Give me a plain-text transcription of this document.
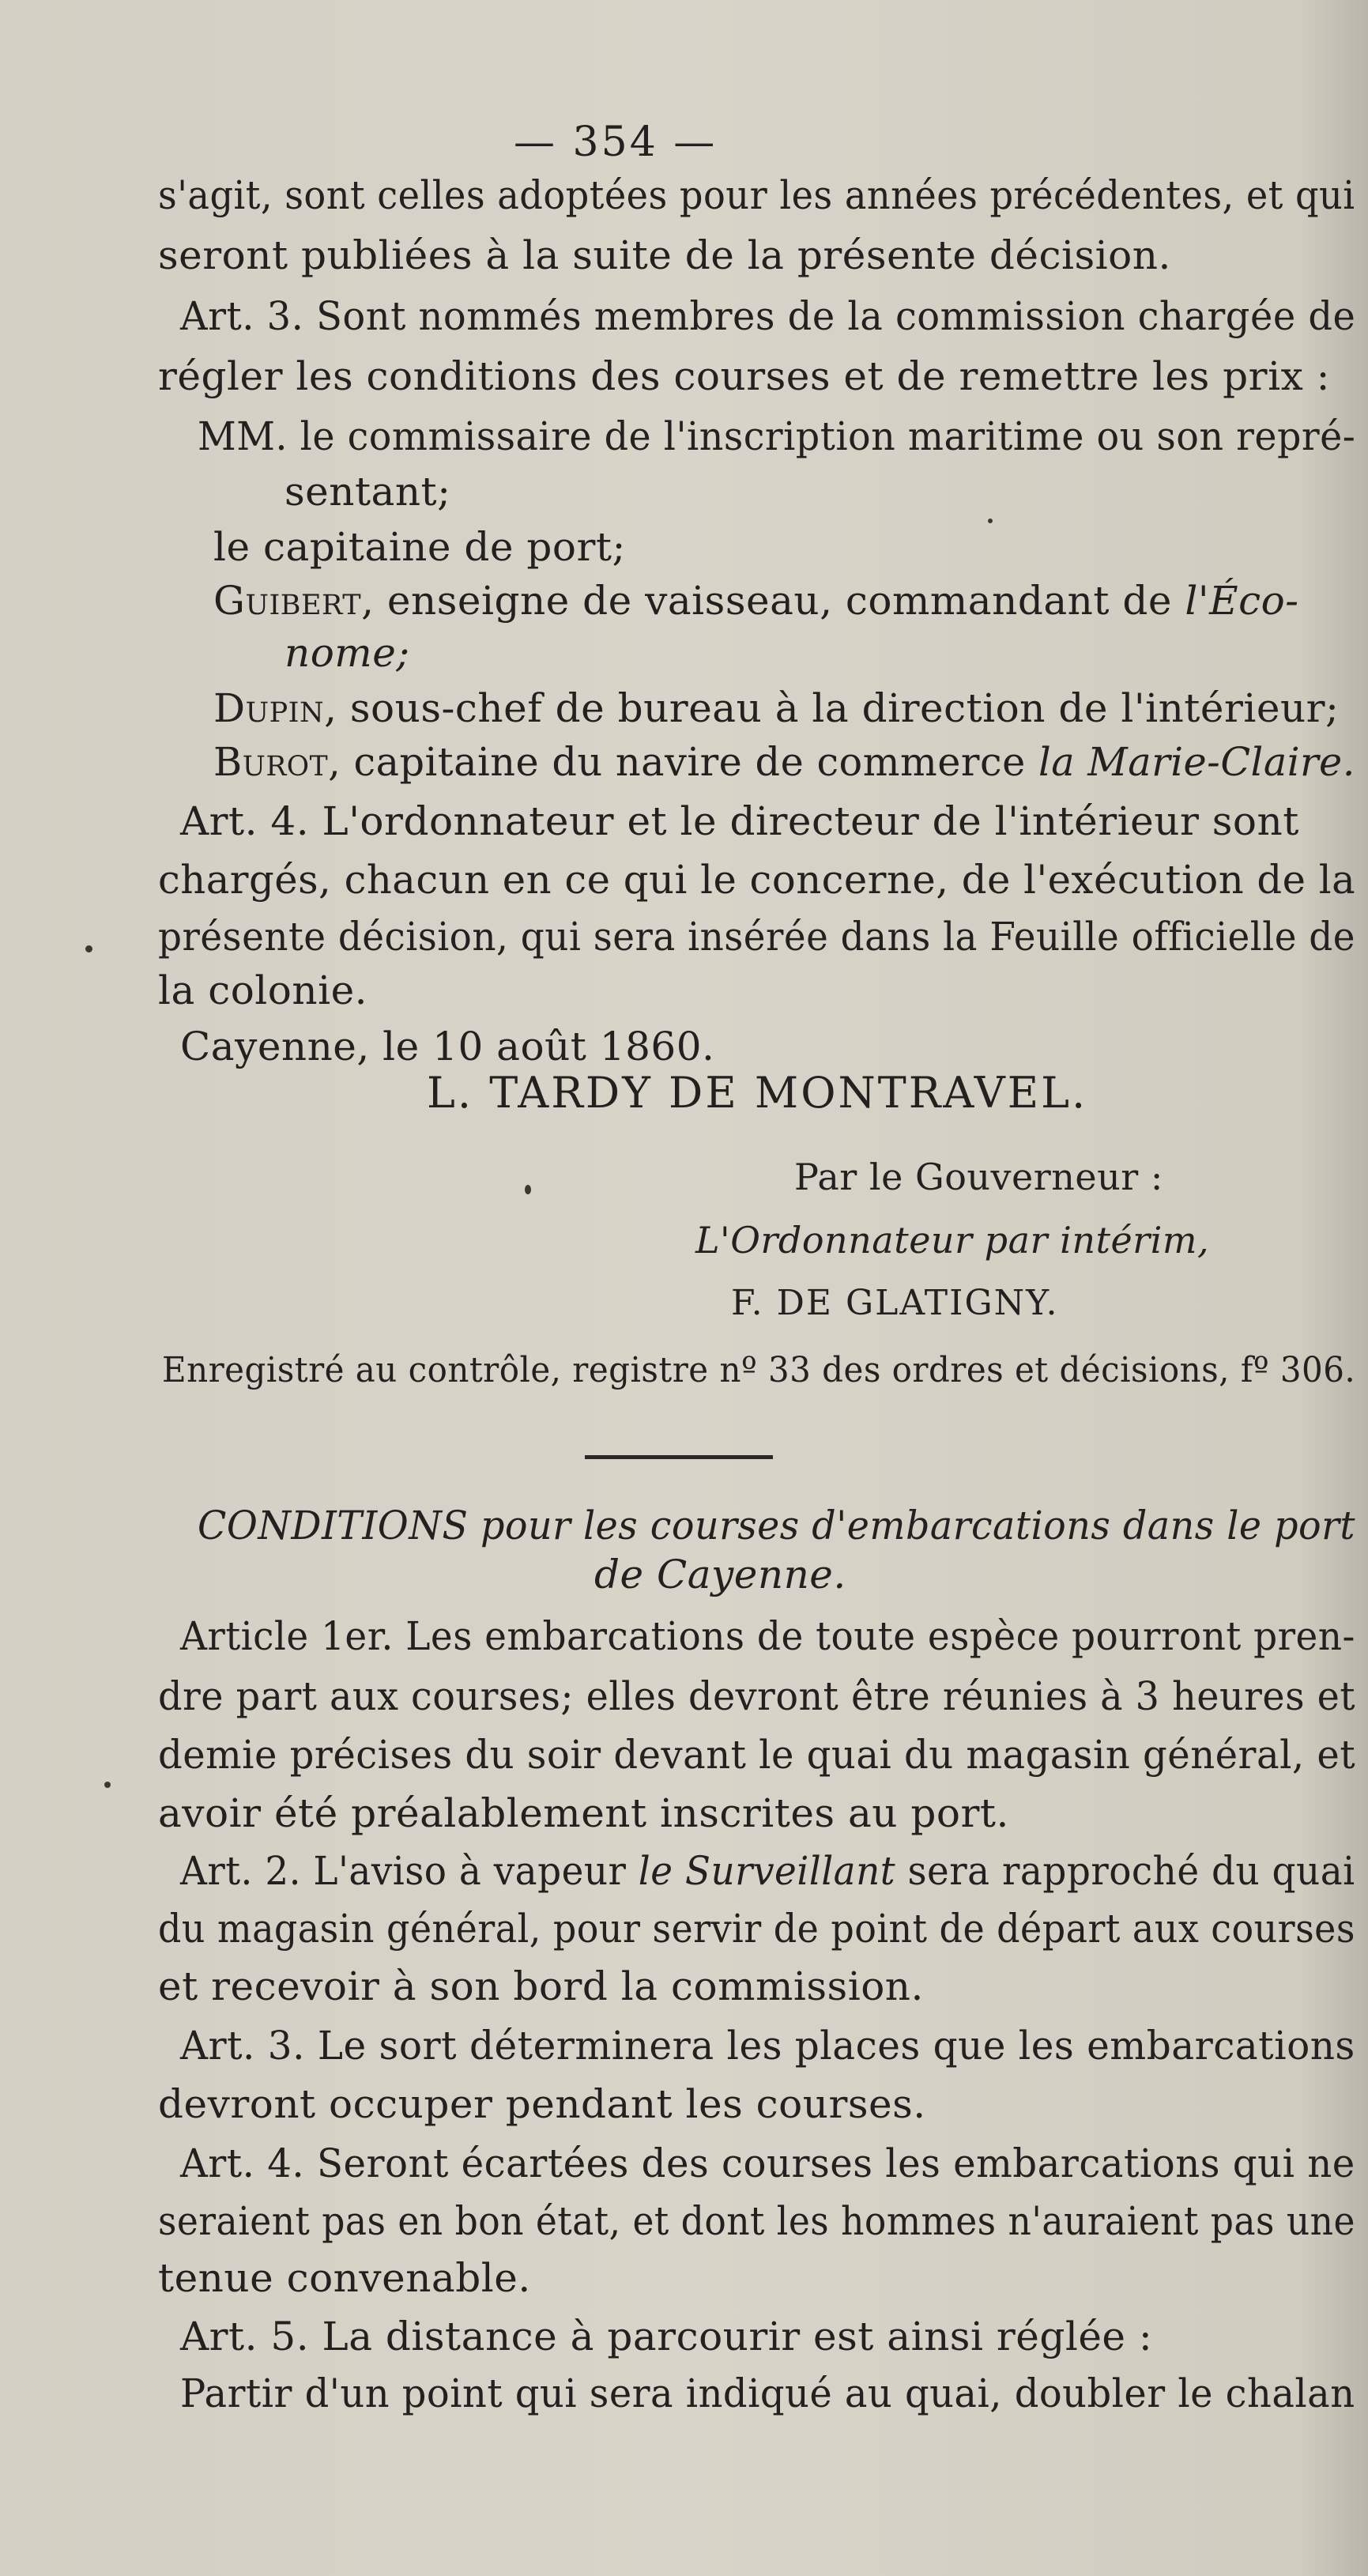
— 354 —
s'agit, sont celles adoptées pour les années précédentes, et qui
seront publiées à la suite de la présente décision.
Art. 3. Sont nommés membres de la commission chargée de
régler les conditions des courses et de remettre les prix :
MM. le commissaire de l'inscription maritime ou son repré-
sentant;
le capitaine de port;
Guibert, enseigne de vaisseau, commandant de l'Éco-
nome;
Dupin, sous-chef de bureau à la direction de l'intérieur;
Burot, capitaine du navire de commerce la Marie-Claire.
Art. 4. L'ordonnateur et le directeur de l'intérieur sont
chargés, chacun en ce qui le concerne, de l'exécution de la
présente décision, qui sera insérée dans la Feuille officielle de
la colonie.
Cayenne, le 10 août 1860.
L. TARDY DE MONTRAVEL.
Par le Gouverneur :
L'Ordonnateur par intérim,
F. DE GLATIGNY.
Enregistré au contrôle, registre nº 33 des ordres et décisions, fº 306.
CONDITIONS pour les courses d'embarcations dans le port
de Cayenne.
Article 1er. Les embarcations de toute espèce pourront pren-
dre part aux courses; elles devront être réunies à 3 heures et
demie précises du soir devant le quai du magasin général, et
avoir été préalablement inscrites au port.
Art. 2. L'aviso à vapeur le Surveillant sera rapproché du quai
du magasin général, pour servir de point de départ aux courses
et recevoir à son bord la commission.
Art. 3. Le sort déterminera les places que les embarcations
devront occuper pendant les courses.
Art. 4. Seront écartées des courses les embarcations qui ne
seraient pas en bon état, et dont les hommes n'auraient pas une
tenue convenable.
Art. 5. La distance à parcourir est ainsi réglée :
Partir d'un point qui sera indiqué au quai, doubler le chalan
